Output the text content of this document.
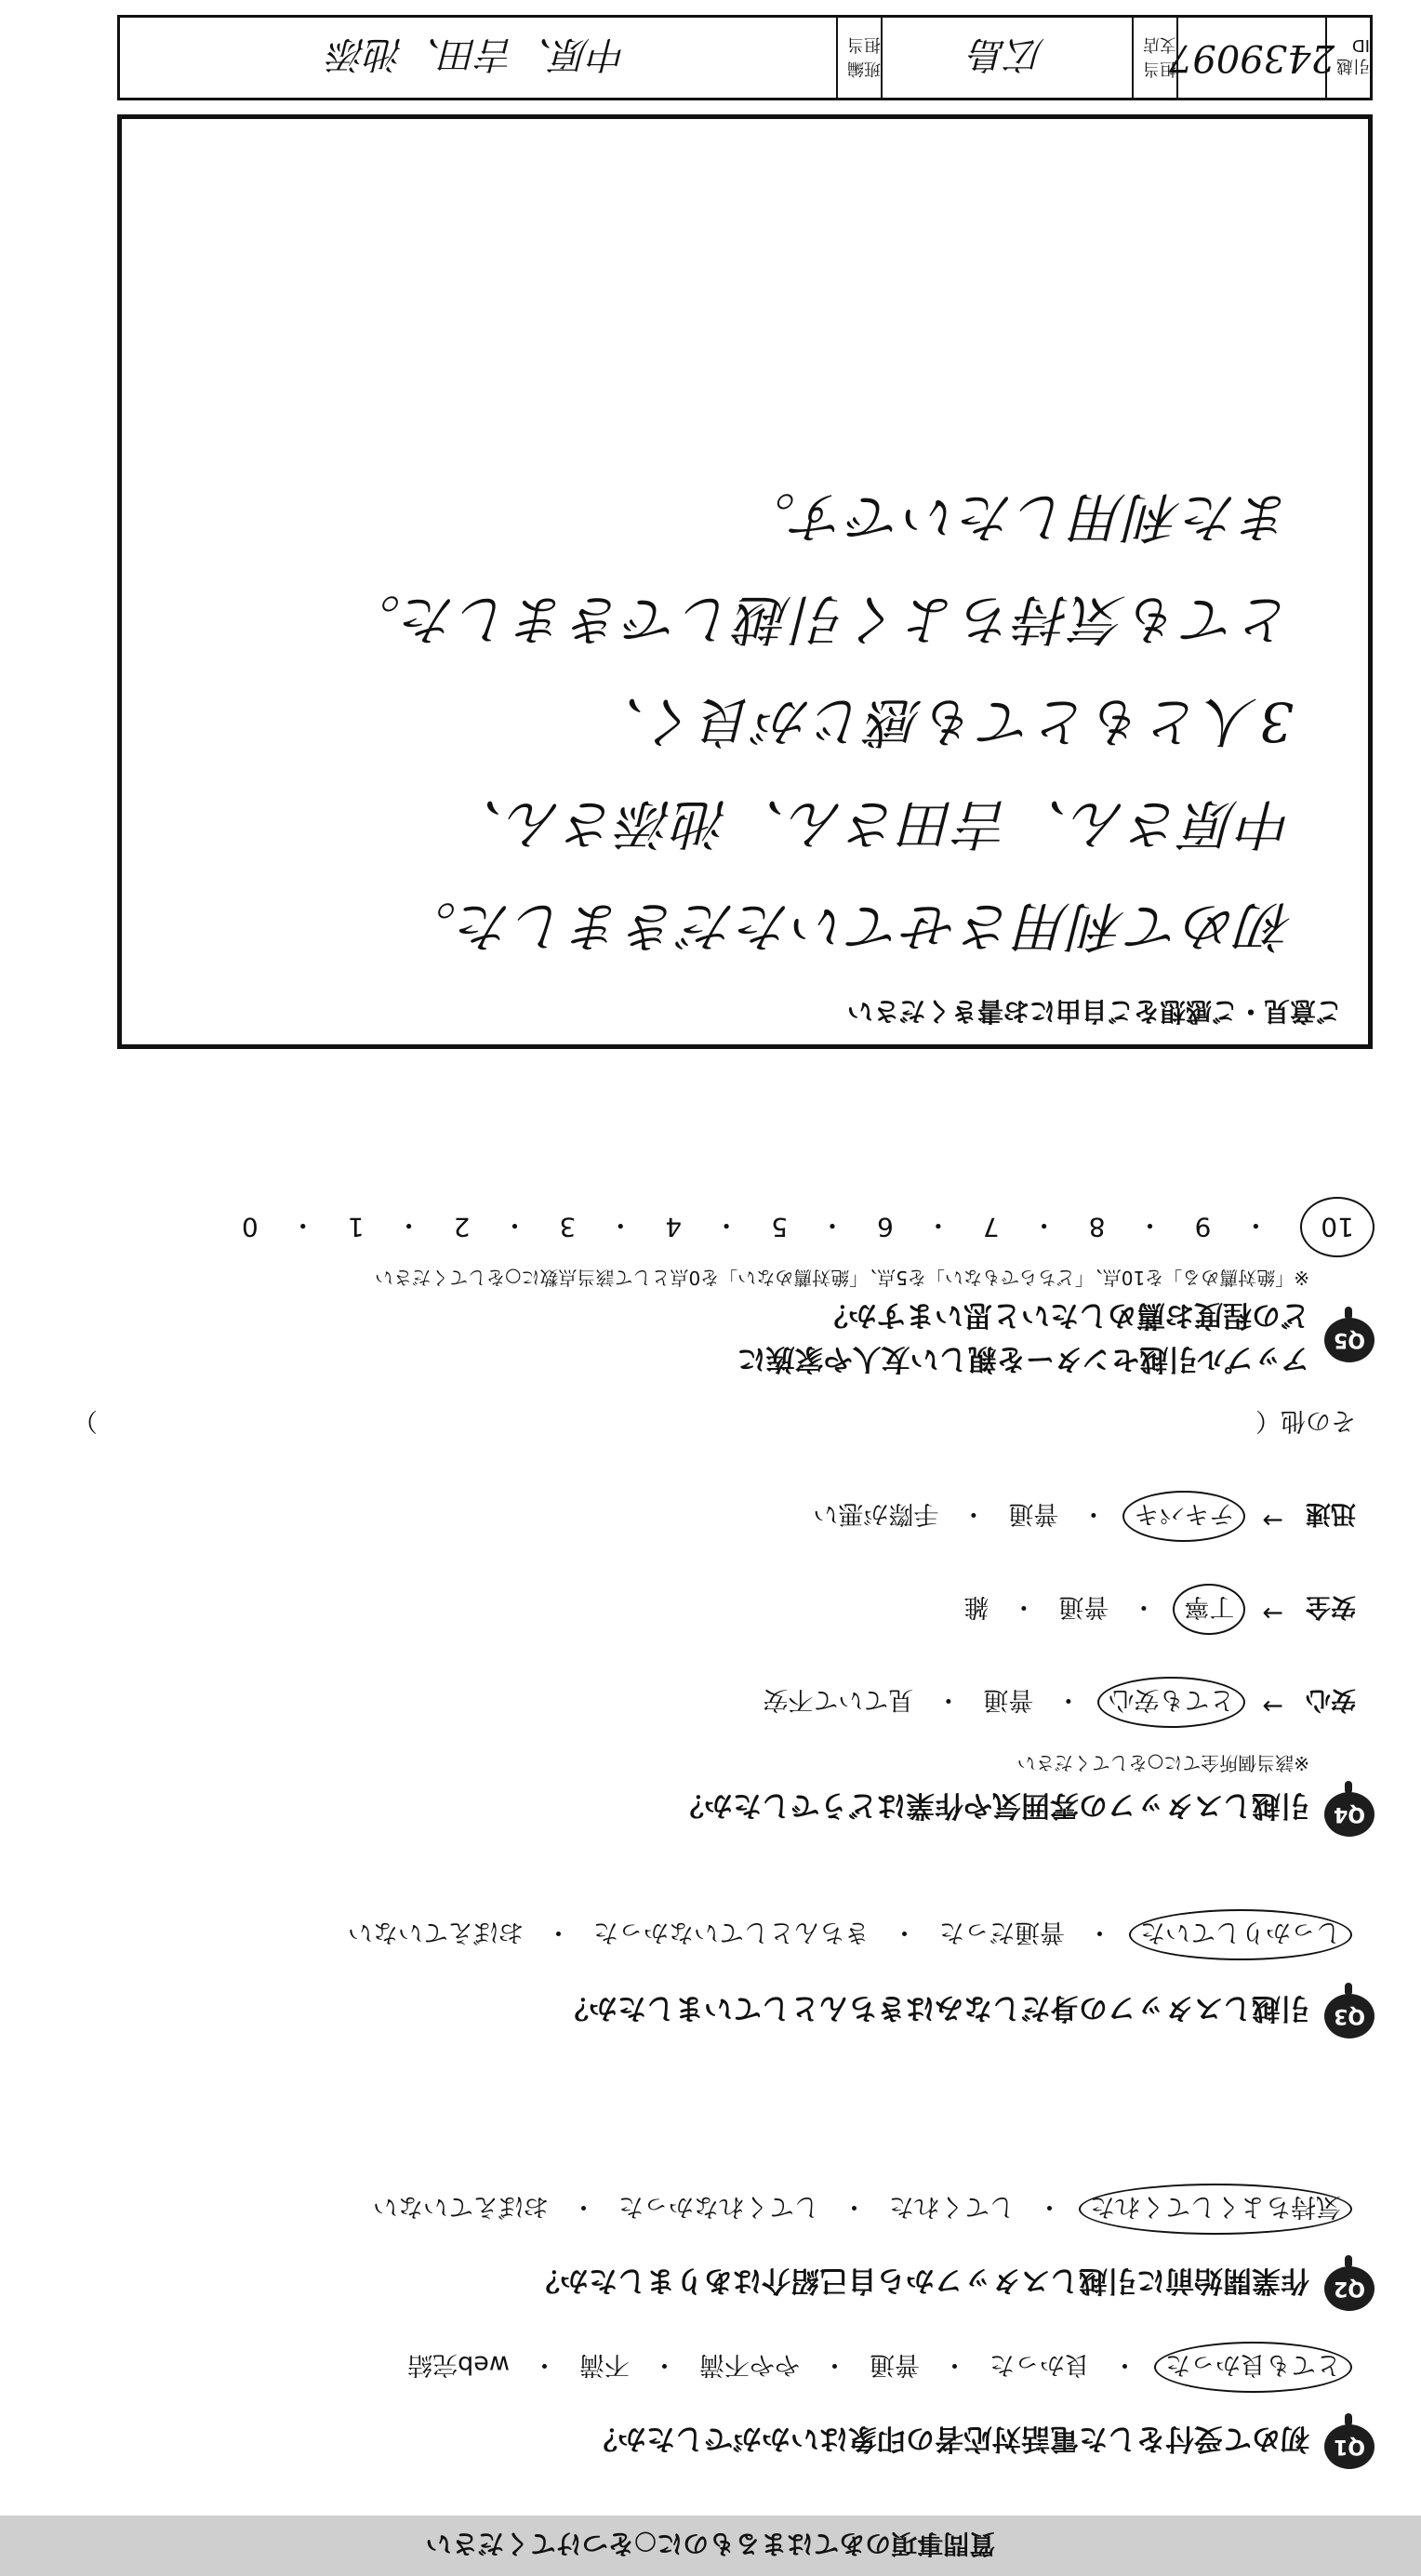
質問事項のあてはまるものに○をつけてください
Q1
初めて受付をした電話対応者の印象はいかがでしたか？
とても良かった
・
良かった
・
普通
・
やや不満
・
不満
・
web完結
Q2
作業開始前に引越しスタッフから自己紹介はありましたか？
気持ちよくしてくれた
・
してくれた
・
してくれなかった
・
おぼえていない
Q3
引越しスタッフの身だしなみはきちんとしていましたか？
しっかりしていた
・
普通だった
・
きちんとしていなかった
・
おぼえていない
Q4
引越しスタッフの雰囲気や作業はどうでしたか？
※該当個所全てに○をしてください
安心
→
とても安心
・
普通
・
見ていて不安
安全
→
丁寧
・
普通
・
雑
迅速
→
テキパキ
・
普通
・
手際が悪い
その他（
）
Q5
アップル引越センターを親しい友人や家族に
どの程度お薦めしたいと思いますか？
※「絶対薦める」を10点、「どちらでもない」を5点、「絶対薦めない」を0点として該当点数に○をしてください
10
・
9
・
8
・
7
・
6
・
5
・
4
・
3
・
2
・
1
・
0
ご意見・ご感想をご自由にお書きください
初めて利用させていただきました。
中原さん、吉田さん、池添さん、
3人ともとても感じが良く、
とても気持ちよく引越しできました。
また利用したいです。
引越ID
2439097
担当支店
広島
班編担当
中原、吉田、池添
